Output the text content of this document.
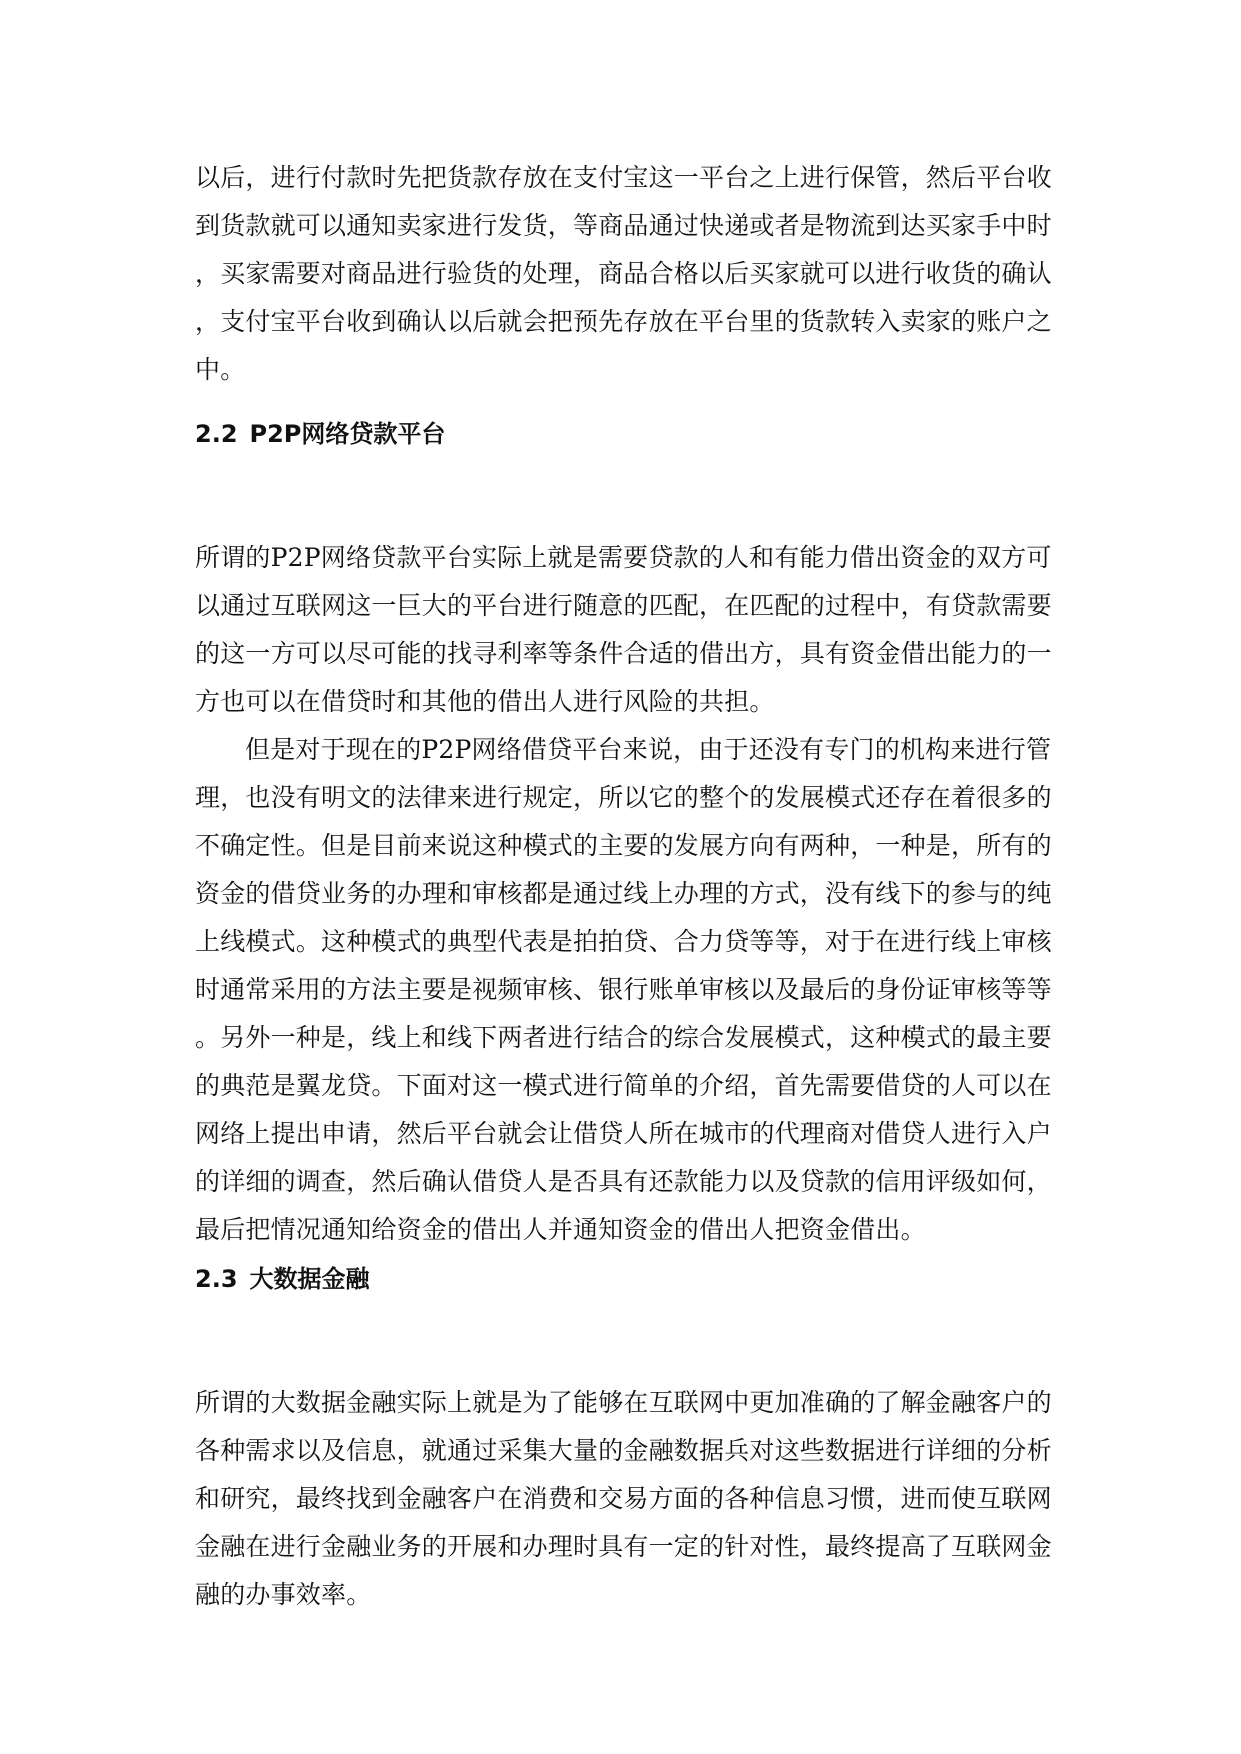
以后，进行付款时先把货款存放在支付宝这一平台之上进行保管，然后平台收
到货款就可以通知卖家进行发货，等商品通过快递或者是物流到达买家手中时
，买家需要对商品进行验货的处理，商品合格以后买家就可以进行收货的确认
，支付宝平台收到确认以后就会把预先存放在平台里的货款转入卖家的账户之
中。
2.2 P2P网络贷款平台
所谓的P2P网络贷款平台实际上就是需要贷款的人和有能力借出资金的双方可
以通过互联网这一巨大的平台进行随意的匹配，在匹配的过程中，有贷款需要
的这一方可以尽可能的找寻利率等条件合适的借出方，具有资金借出能力的一
方也可以在借贷时和其他的借出人进行风险的共担。
但是对于现在的P2P网络借贷平台来说，由于还没有专门的机构来进行管
理，也没有明文的法律来进行规定，所以它的整个的发展模式还存在着很多的
不确定性。但是目前来说这种模式的主要的发展方向有两种，一种是，所有的
资金的借贷业务的办理和审核都是通过线上办理的方式，没有线下的参与的纯
上线模式。这种模式的典型代表是拍拍贷、合力贷等等，对于在进行线上审核
时通常采用的方法主要是视频审核、银行账单审核以及最后的身份证审核等等
。另外一种是，线上和线下两者进行结合的综合发展模式，这种模式的最主要
的典范是翼龙贷。下面对这一模式进行简单的介绍，首先需要借贷的人可以在
网络上提出申请，然后平台就会让借贷人所在城市的代理商对借贷人进行入户
的详细的调查，然后确认借贷人是否具有还款能力以及贷款的信用评级如何，
最后把情况通知给资金的借出人并通知资金的借出人把资金借出。
2.3 大数据金融
所谓的大数据金融实际上就是为了能够在互联网中更加准确的了解金融客户的
各种需求以及信息，就通过采集大量的金融数据兵对这些数据进行详细的分析
和研究，最终找到金融客户在消费和交易方面的各种信息习惯，进而使互联网
金融在进行金融业务的开展和办理时具有一定的针对性，最终提高了互联网金
融的办事效率。
